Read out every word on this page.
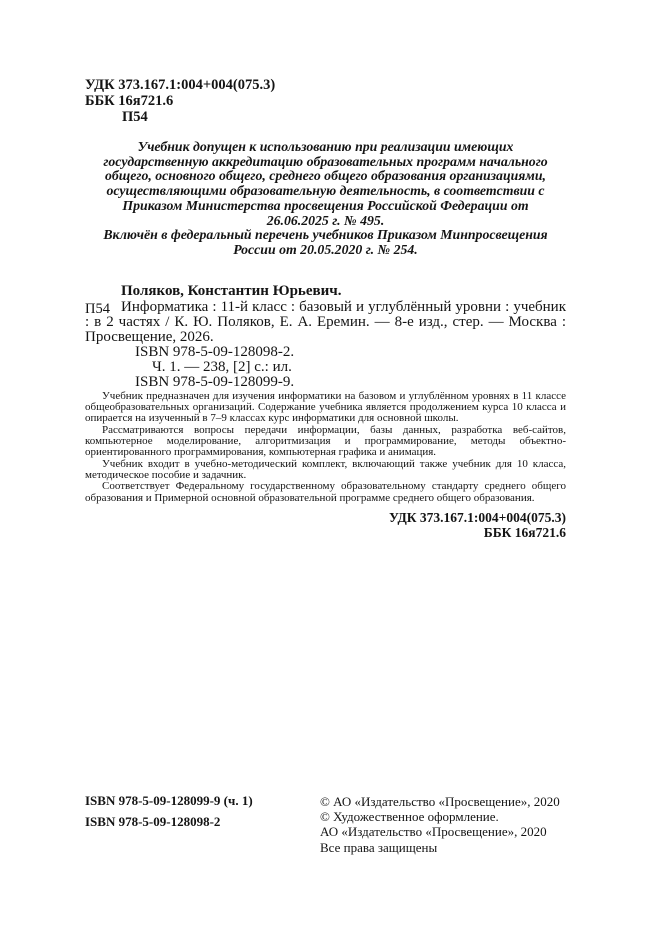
УДК 373.167.1:004+004(075.3)
ББК 16я721.6
П54

Учебник допущен к использованию при реализации имеющих государственную аккредитацию образовательных программ начального общего, основного общего, среднего общего образования организациями, осуществляющими образовательную деятельность, в соответствии с Приказом Министерства просвещения Российской Федерации от 26.06.2025 г. № 495.

Включён в федеральный перечень учебников Приказом Минпросвещения России от 20.05.2020 г. № 254.

Поляков, Константин Юрьевич.

П54 Информатика : 11-й класс : базовый и углублённый уровни : учебник : в 2 частях / К. Ю. Поляков, Е. А. Еремин. — 8-е изд., стер. — Москва : Просвещение, 2026.

ISBN 978-5-09-128098-2.

Ч. 1. — 238, [2] с.: ил.

ISBN 978-5-09-128099-9.

Учебник предназначен для изучения информатики на базовом и углублённом уровнях в 11 классе общеобразовательных организаций. Содержание учебника является продолжением курса 10 класса и опирается на изученный в 7–9 классах курс информатики для основной школы.

Рассматриваются вопросы передачи информации, базы данных, разработка веб-сайтов, компьютерное моделирование, алгоритмизация и программирование, методы объектно-ориентированного программирования, компьютерная графика и анимация.

Учебник входит в учебно-методический комплект, включающий также учебник для 10 класса, методическое пособие и задачник.

Соответствует Федеральному государственному образовательному стандарту среднего общего образования и Примерной основной образовательной программе среднего общего образования.

УДК 373.167.1:004+004(075.3)
ББК 16я721.6

ISBN 978-5-09-128099-9 (ч. 1)

ISBN 978-5-09-128098-2

© АО «Издательство «Просвещение», 2020

© Художественное оформление.

АО «Издательство «Просвещение», 2020

Все права защищены
